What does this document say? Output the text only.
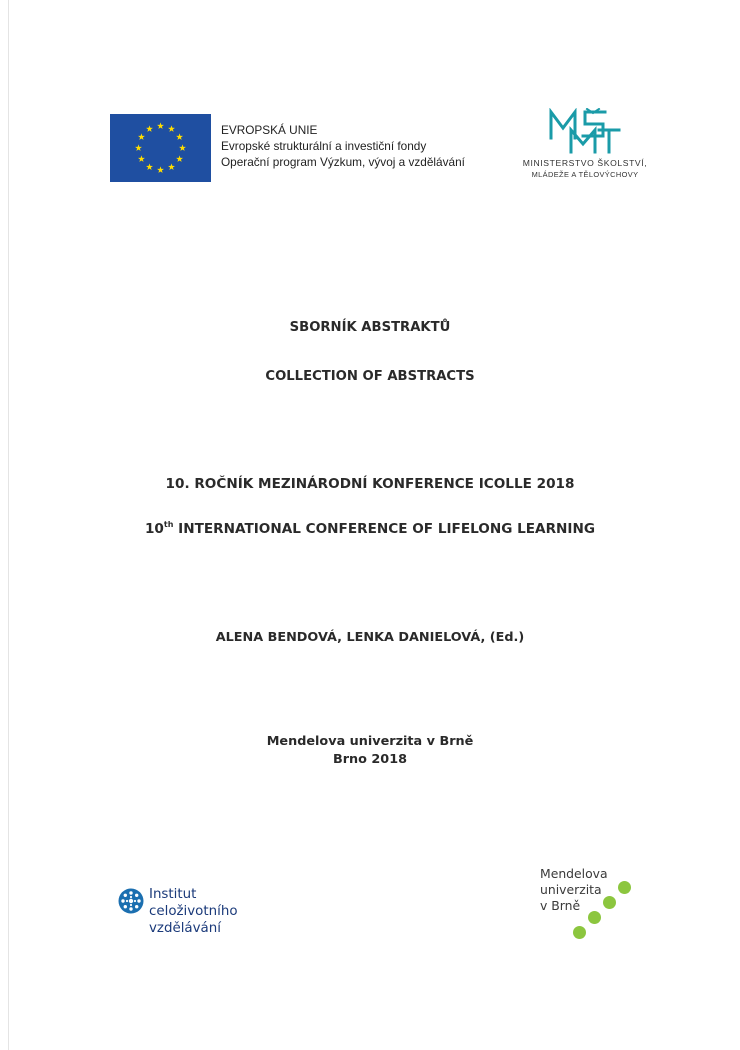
EVROPSKÁ UNIE
Evropské strukturální a investiční fondy
Operační program Výzkum, vývoj a vzdělávání	MINISTERSTVO ŠKOLSTVÍ,
MLÁDEŽE A TĚLOVÝCHOVY
SBORNÍK ABSTRAKTŮ
COLLECTION OF ABSTRACTS
10. ROČNÍK MEZINÁRODNÍ KONFERENCE ICOLLE 2018
10th INTERNATIONAL CONFERENCE OF LIFELONG LEARNING
ALENA BENDOVÁ, LENKA DANIELOVÁ, (Ed.)
Mendelova univerzita v Brně
Brno 2018
Institut
celoživotního
vzdělávání
Mendelova
univerzita
v Brně
